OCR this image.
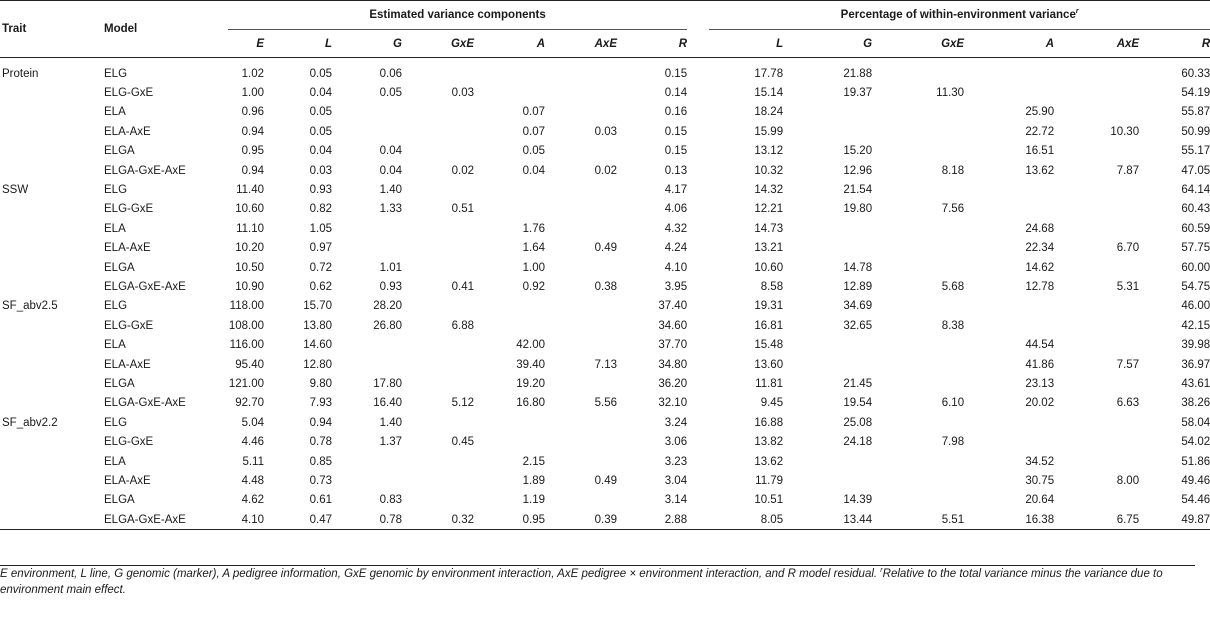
Trait	Model	Estimated variance components								Percentage of within-environment variance$^r$
		E	L	G	GxE	A	AxE	R		L	G	GxE	A	AxE	R
Protein	ELG	1.02	0.05	0.06				0.15		17.78	21.88				60.33
	ELG-GxE	1.00	0.04	0.05	0.03			0.14		15.14	19.37	11.30			54.19
	ELA	0.96	0.05			0.07		0.16		18.24			25.90		55.87
	ELA-AxE	0.94	0.05			0.07	0.03	0.15		15.99			22.72	10.30	50.99
	ELGA	0.95	0.04	0.04		0.05		0.15		13.12	15.20		16.51		55.17
	ELGA-GxE-AxE	0.94	0.03	0.04	0.02	0.04	0.02	0.13		10.32	12.96	8.18	13.62	7.87	47.05
SSW	ELG	11.40	0.93	1.40				4.17		14.32	21.54				64.14
	ELG-GxE	10.60	0.82	1.33	0.51			4.06		12.21	19.80	7.56			60.43
	ELA	11.10	1.05			1.76		4.32		14.73			24.68		60.59
	ELA-AxE	10.20	0.97			1.64	0.49	4.24		13.21			22.34	6.70	57.75
	ELGA	10.50	0.72	1.01		1.00		4.10		10.60	14.78		14.62		60.00
	ELGA-GxE-AxE	10.90	0.62	0.93	0.41	0.92	0.38	3.95		8.58	12.89	5.68	12.78	5.31	54.75
SF_abv2.5	ELG	118.00	15.70	28.20				37.40		19.31	34.69				46.00
	ELG-GxE	108.00	13.80	26.80	6.88			34.60		16.81	32.65	8.38			42.15
	ELA	116.00	14.60			42.00		37.70		15.48			44.54		39.98
	ELA-AxE	95.40	12.80			39.40	7.13	34.80		13.60			41.86	7.57	36.97
	ELGA	121.00	9.80	17.80		19.20		36.20		11.81	21.45		23.13		43.61
	ELGA-GxE-AxE	92.70	7.93	16.40	5.12	16.80	5.56	32.10		9.45	19.54	6.10	20.02	6.63	38.26
SF_abv2.2	ELG	5.04	0.94	1.40				3.24		16.88	25.08				58.04
	ELG-GxE	4.46	0.78	1.37	0.45			3.06		13.82	24.18	7.98			54.02
	ELA	5.11	0.85			2.15		3.23		13.62			34.52		51.86
	ELA-AxE	4.48	0.73			1.89	0.49	3.04		11.79			30.75	8.00	49.46
	ELGA	4.62	0.61	0.83		1.19		3.14		10.51	14.39		20.64		54.46
	ELGA-GxE-AxE	4.10	0.47	0.78	0.32	0.95	0.39	2.88		8.05	13.44	5.51	16.38	6.75	49.87
E environment, L line, G genomic (marker), A pedigree information, GxE genomic by environment interaction, AxE pedigree × environment interaction, and R model residual. $^r$Relative to the total variance minus the variance due to environment main effect.
